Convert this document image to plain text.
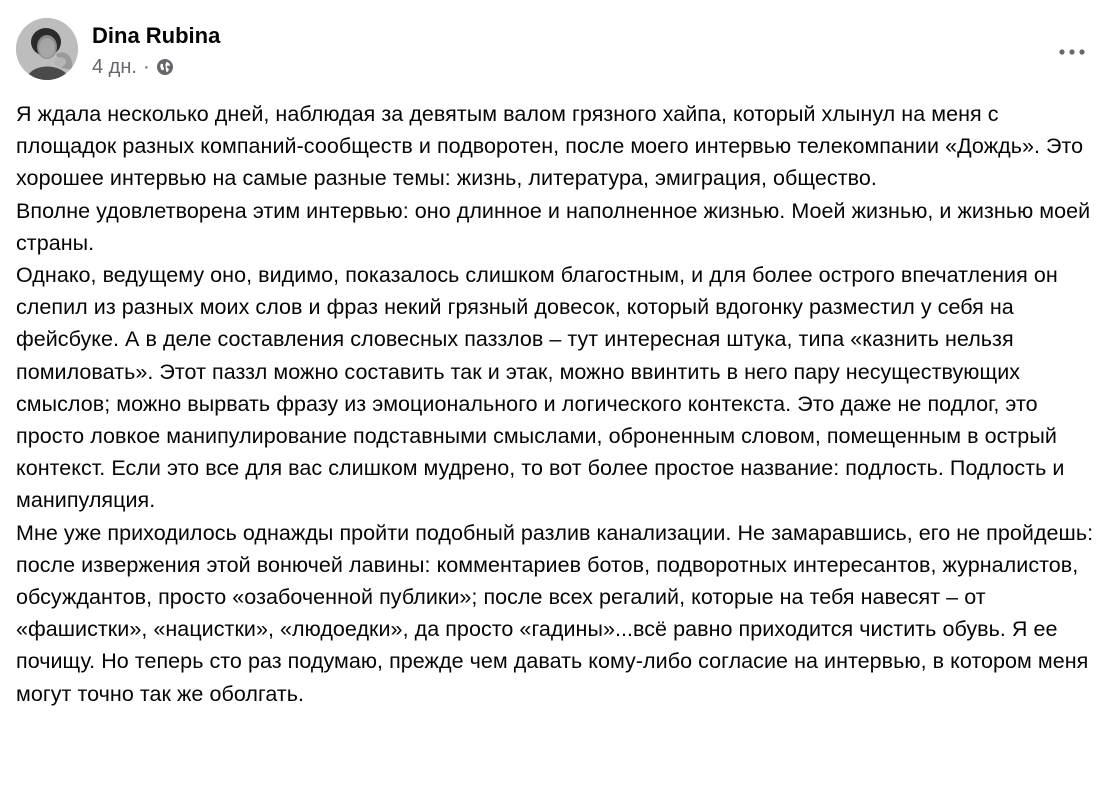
Dina Rubina
4 дн. ·

Я ждала несколько дней, наблюдая за девятым валом грязного хайпа, который хлынул на меня с площадок разных компаний-сообществ и подворотен, после моего интервью телекомпании «Дождь». Это хорошее интервью на самые разные темы: жизнь, литература, эмиграция, общество.

Вполне удовлетворена этим интервью: оно длинное и наполненное жизнью. Моей жизнью, и жизнью моей страны.

Однако, ведущему оно, видимо, показалось слишком благостным, и для более острого впечатления он слепил из разных моих слов и фраз некий грязный довесок, который вдогонку разместил у себя на фейсбуке. А в деле составления словесных паззлов – тут интересная штука, типа «казнить нельзя помиловать». Этот паззл можно составить так и этак, можно ввинтить в него пару несуществующих смыслов; можно вырвать фразу из эмоционального и логического контекста. Это даже не подлог, это просто ловкое манипулирование подставными смыслами, оброненным словом, помещенным в острый контекст. Если это все для вас слишком мудрено, то вот более простое название: подлость. Подлость и манипуляция.

Мне уже приходилось однажды пройти подобный разлив канализации. Не замаравшись, его не пройдешь: после извержения этой вонючей лавины: комментариев ботов, подворотных интересантов, журналистов, обсуждантов, просто «озабоченной публики»; после всех регалий, которые на тебя навесят – от «фашистки», «нацистки», «людоедки», да просто «гадины»...всё равно приходится чистить обувь. Я ее почищу. Но теперь сто раз подумаю, прежде чем давать кому-либо согласие на интервью, в котором меня могут точно так же оболгать.
